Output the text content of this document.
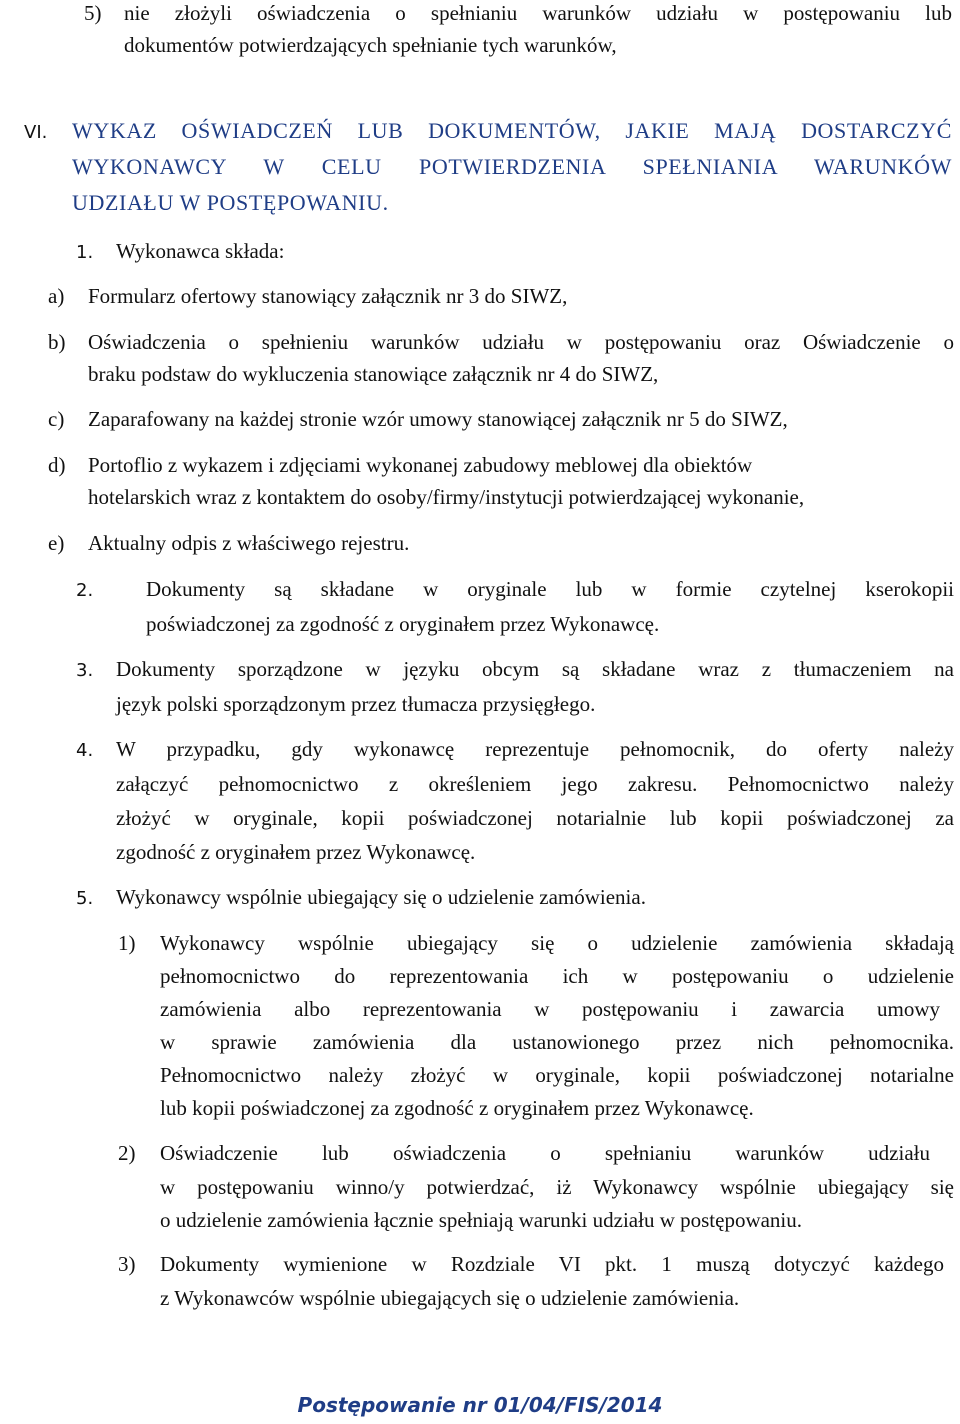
5) nie złożyli oświadczenia o spełnianiu warunków udziału w postępowaniu lub
dokumentów potwierdzających spełnianie tych warunków,
VI. WYKAZ OŚWIADCZEŃ LUB DOKUMENTÓW, JAKIE MAJĄ DOSTARCZYĆ
WYKONAWCY W CELU POTWIERDZENIA SPEŁNIANIA WARUNKÓW
UDZIAŁU W POSTĘPOWANIU.
1. Wykonawca składa:
a) Formularz ofertowy stanowiący załącznik nr 3 do SIWZ,
b) Oświadczenia o spełnieniu warunków udziału w postępowaniu oraz Oświadczenie o
braku podstaw do wykluczenia stanowiące załącznik nr 4 do SIWZ,
c) Zaparafowany na każdej stronie wzór umowy stanowiącej załącznik nr 5 do SIWZ,
d) Portoflio z wykazem i zdjęciami wykonanej zabudowy meblowej dla obiektów
hotelarskich wraz z kontaktem do osoby/firmy/instytucji potwierdzającej wykonanie,
e) Aktualny odpis z właściwego rejestru.
2.	Dokumenty są składane w oryginale lub w formie czytelnej kserokopii
poświadczonej za zgodność z oryginałem przez Wykonawcę.
3. Dokumenty sporządzone w języku obcym są składane wraz z tłumaczeniem na
język polski sporządzonym przez tłumacza przysięgłego.
4. W przypadku, gdy wykonawcę reprezentuje pełnomocnik, do oferty należy
załączyć pełnomocnictwo z określeniem jego zakresu. Pełnomocnictwo należy
złożyć w oryginale, kopii poświadczonej notarialnie lub kopii poświadczonej za
zgodność z oryginałem przez Wykonawcę.
5. Wykonawcy wspólnie ubiegający się o udzielenie zamówienia.
1) Wykonawcy wspólnie ubiegający się o udzielenie zamówienia składają
pełnomocnictwo do reprezentowania ich w postępowaniu o udzielenie
zamówienia albo reprezentowania w postępowaniu i zawarcia umowy
w sprawie zamówienia dla ustanowionego przez nich pełnomocnika.
Pełnomocnictwo należy złożyć w oryginale, kopii poświadczonej notarialne
lub kopii poświadczonej za zgodność z oryginałem przez Wykonawcę.
2) Oświadczenie lub oświadczenia o spełnianiu warunków udziału
w postępowaniu winno/y potwierdzać, iż Wykonawcy wspólnie ubiegający się
o udzielenie zamówienia łącznie spełniają warunki udziału w postępowaniu.
3) Dokumenty wymienione w Rozdziale VI pkt. 1 muszą dotyczyć każdego
z Wykonawców wspólnie ubiegających się o udzielenie zamówienia.
Postępowanie nr 01/04/FIS/2014
